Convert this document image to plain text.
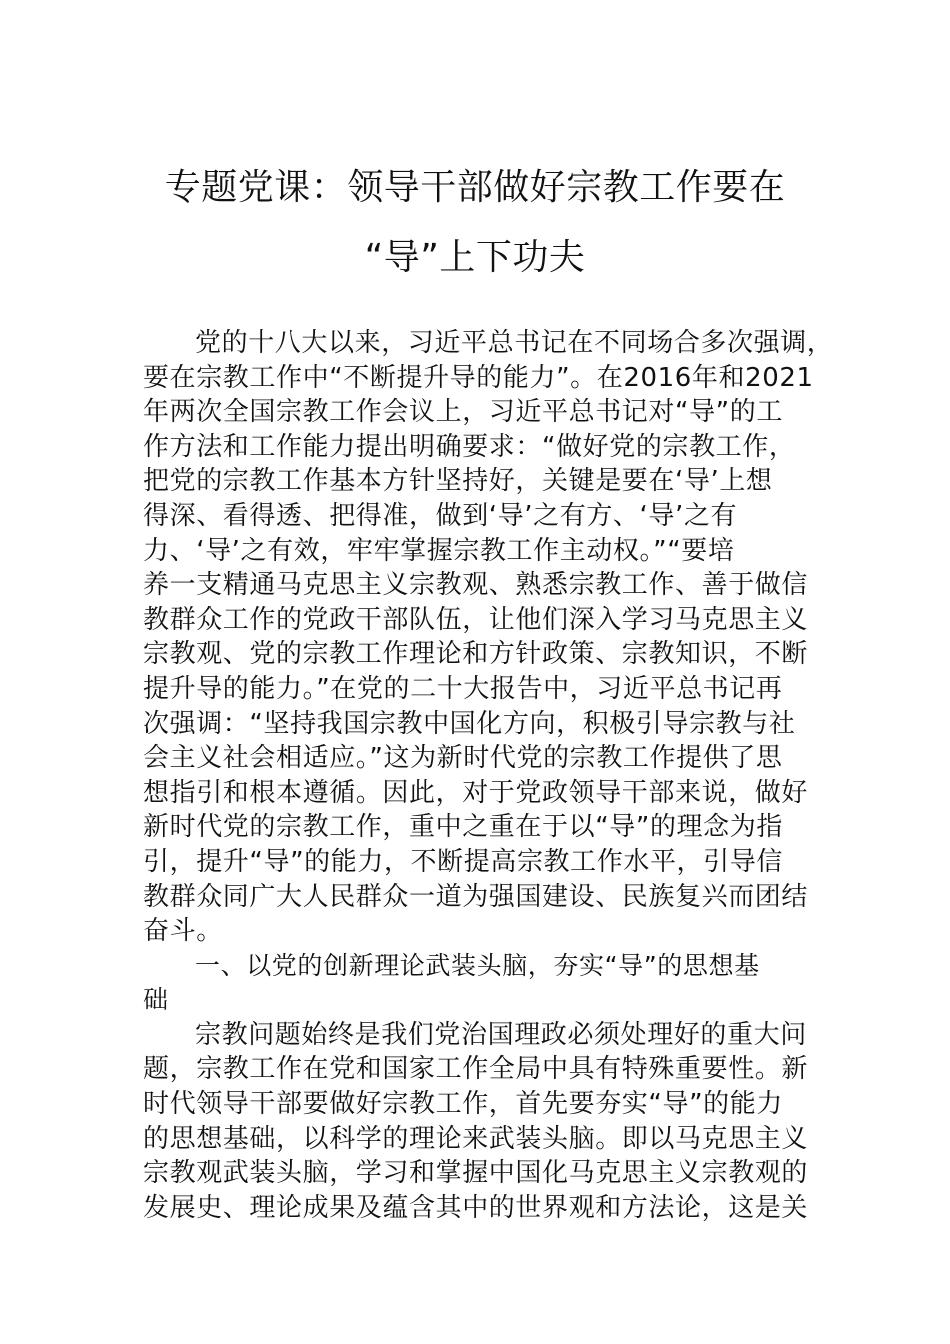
专题党课：领导干部做好宗教工作要在
“导”上下功夫
党的十八大以来，习近平总书记在不同场合多次强调，
要在宗教工作中“不断提升导的能力”。在2016年和2021
年两次全国宗教工作会议上，习近平总书记对“导”的工
作方法和工作能力提出明确要求：“做好党的宗教工作，
把党的宗教工作基本方针坚持好，关键是要在‘导’上想
得深、看得透、把得准，做到‘导’之有方、‘导’之有
力、‘导’之有效，牢牢掌握宗教工作主动权。”“要培
养一支精通马克思主义宗教观、熟悉宗教工作、善于做信
教群众工作的党政干部队伍，让他们深入学习马克思主义
宗教观、党的宗教工作理论和方针政策、宗教知识，不断
提升导的能力。”在党的二十大报告中，习近平总书记再
次强调：“坚持我国宗教中国化方向，积极引导宗教与社
会主义社会相适应。”这为新时代党的宗教工作提供了思
想指引和根本遵循。因此，对于党政领导干部来说，做好
新时代党的宗教工作，重中之重在于以“导”的理念为指
引，提升“导”的能力，不断提高宗教工作水平，引导信
教群众同广大人民群众一道为强国建设、民族复兴而团结
奋斗。
一、以党的创新理论武装头脑，夯实“导”的思想基
础
宗教问题始终是我们党治国理政必须处理好的重大问
题，宗教工作在党和国家工作全局中具有特殊重要性。新
时代领导干部要做好宗教工作，首先要夯实“导”的能力
的思想基础，以科学的理论来武装头脑。即以马克思主义
宗教观武装头脑，学习和掌握中国化马克思主义宗教观的
发展史、理论成果及蕴含其中的世界观和方法论，这是关
